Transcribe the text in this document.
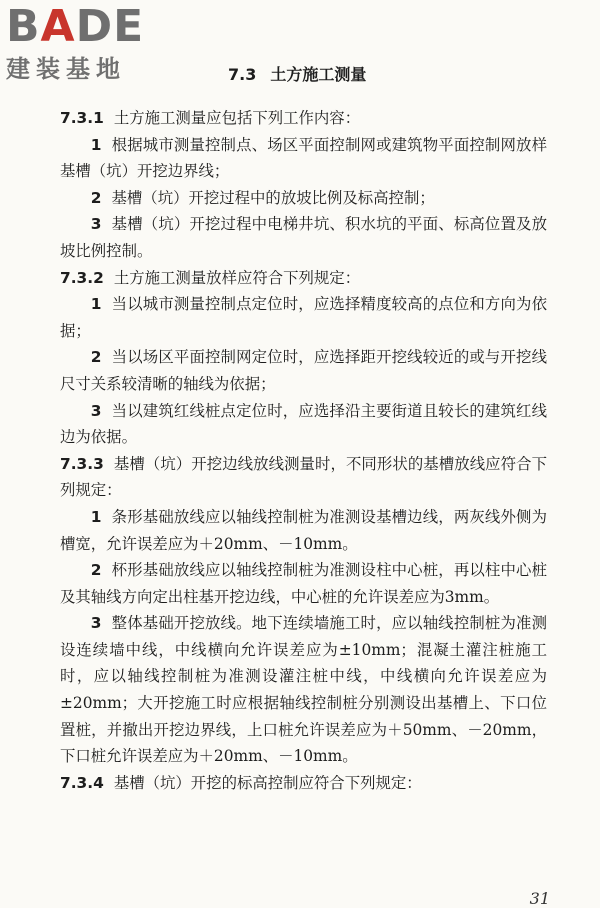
BADE
建装基地	7.3 土方施工测量

7.3.1 土方施工测量应包括下列工作内容：

1 根据城市测量控制点、场区平面控制网或建筑物平面控制网放样基槽（坑）开挖边界线；

2 基槽（坑）开挖过程中的放坡比例及标高控制；

3 基槽（坑）开挖过程中电梯井坑、积水坑的平面、标高位置及放坡比例控制。

7.3.2 土方施工测量放样应符合下列规定：

1 当以城市测量控制点定位时，应选择精度较高的点位和方向为依据；

2 当以场区平面控制网定位时，应选择距开挖线较近的或与开挖线尺寸关系较清晰的轴线为依据；

3 当以建筑红线桩点定位时，应选择沿主要街道且较长的建筑红线边为依据。

7.3.3 基槽（坑）开挖边线放线测量时，不同形状的基槽放线应符合下列规定：

1 条形基础放线应以轴线控制桩为准测设基槽边线，两灰线外侧为槽宽，允许误差应为＋20mm、－10mm。

2 杯形基础放线应以轴线控制桩为准测设柱中心桩，再以柱中心桩及其轴线方向定出柱基开挖边线，中心桩的允许误差应为3mm。

3 整体基础开挖放线。地下连续墙施工时，应以轴线控制桩为准测设连续墙中线，中线横向允许误差应为±10mm；混凝土灌注桩施工时，应以轴线控制桩为准测设灌注桩中线，中线横向允许误差应为±20mm；大开挖施工时应根据轴线控制桩分别测设出基槽上、下口位置桩，并撤出开挖边界线，上口桩允许误差应为＋50mm、－20mm，下口桩允许误差应为＋20mm、－10mm。

7.3.4 基槽（坑）开挖的标高控制应符合下列规定：

31
